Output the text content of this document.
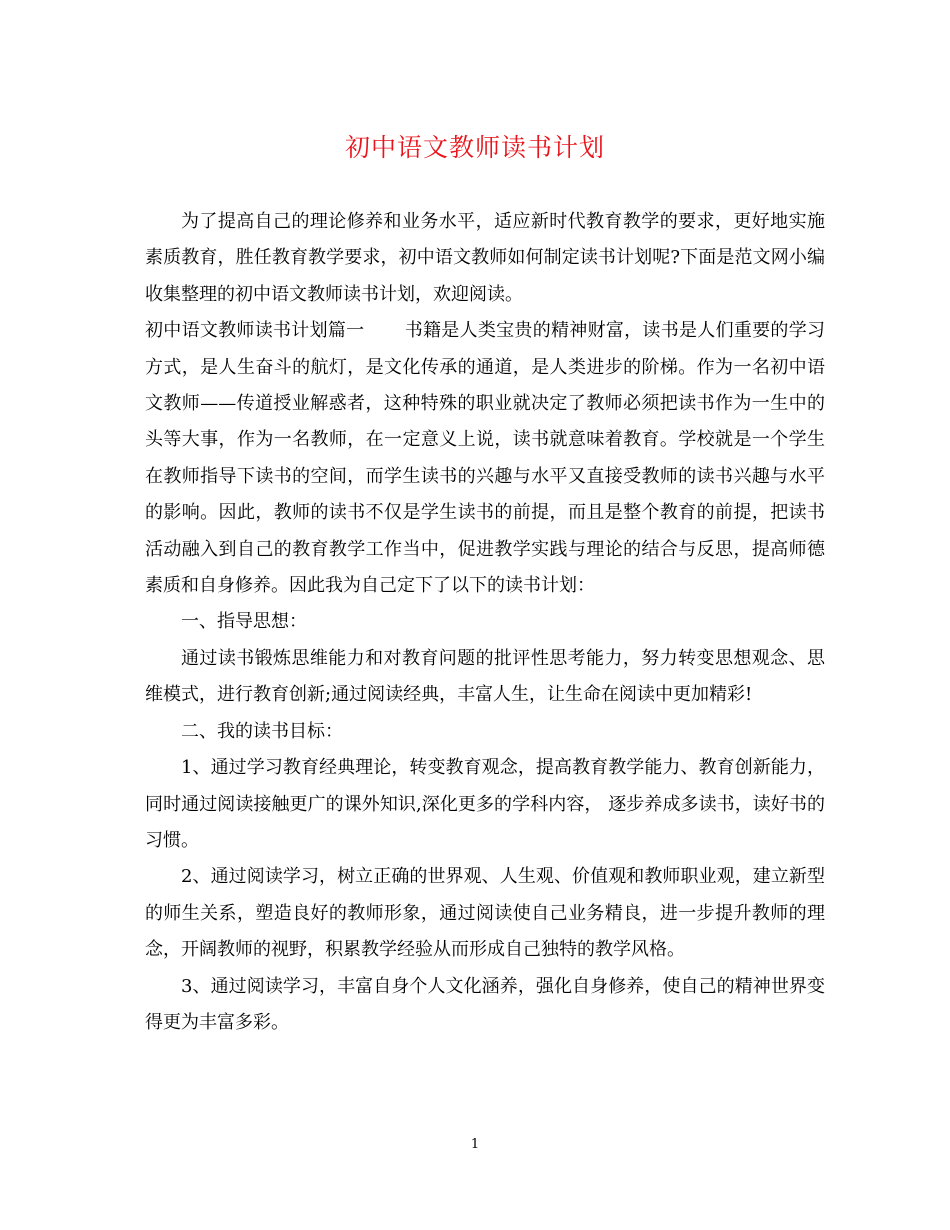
初中语文教师读书计划

为了提高自己的理论修养和业务水平，适应新时代教育教学的要求，更好地实施素质教育，胜任教育教学要求，初中语文教师如何制定读书计划呢?下面是范文网小编收集整理的初中语文教师读书计划，欢迎阅读。

初中语文教师读书计划篇一 书籍是人类宝贵的精神财富，读书是人们重要的学习方式，是人生奋斗的航灯，是文化传承的通道，是人类进步的阶梯。作为一名初中语文教师——传道授业解惑者，这种特殊的职业就决定了教师必须把读书作为一生中的头等大事，作为一名教师，在一定意义上说，读书就意味着教育。学校就是一个学生在教师指导下读书的空间，而学生读书的兴趣与水平又直接受教师的读书兴趣与水平的影响。因此，教师的读书不仅是学生读书的前提，而且是整个教育的前提，把读书活动融入到自己的教育教学工作当中，促进教学实践与理论的结合与反思，提高师德素质和自身修养。因此我为自己定下了以下的读书计划：

一、指导思想：

通过读书锻炼思维能力和对教育问题的批评性思考能力，努力转变思想观念、思维模式，进行教育创新;通过阅读经典，丰富人生，让生命在阅读中更加精彩!

二、我的读书目标：

1、通过学习教育经典理论，转变教育观念，提高教育教学能力、教育创新能力，同时通过阅读接触更广的课外知识,深化更多的学科内容， 逐步养成多读书，读好书的习惯。

2、通过阅读学习，树立正确的世界观、人生观、价值观和教师职业观，建立新型的师生关系，塑造良好的教师形象，通过阅读使自己业务精良，进一步提升教师的理念，开阔教师的视野，积累教学经验从而形成自己独特的教学风格。

3、通过阅读学习，丰富自身个人文化涵养，强化自身修养，使自己的精神世界变得更为丰富多彩。

1
